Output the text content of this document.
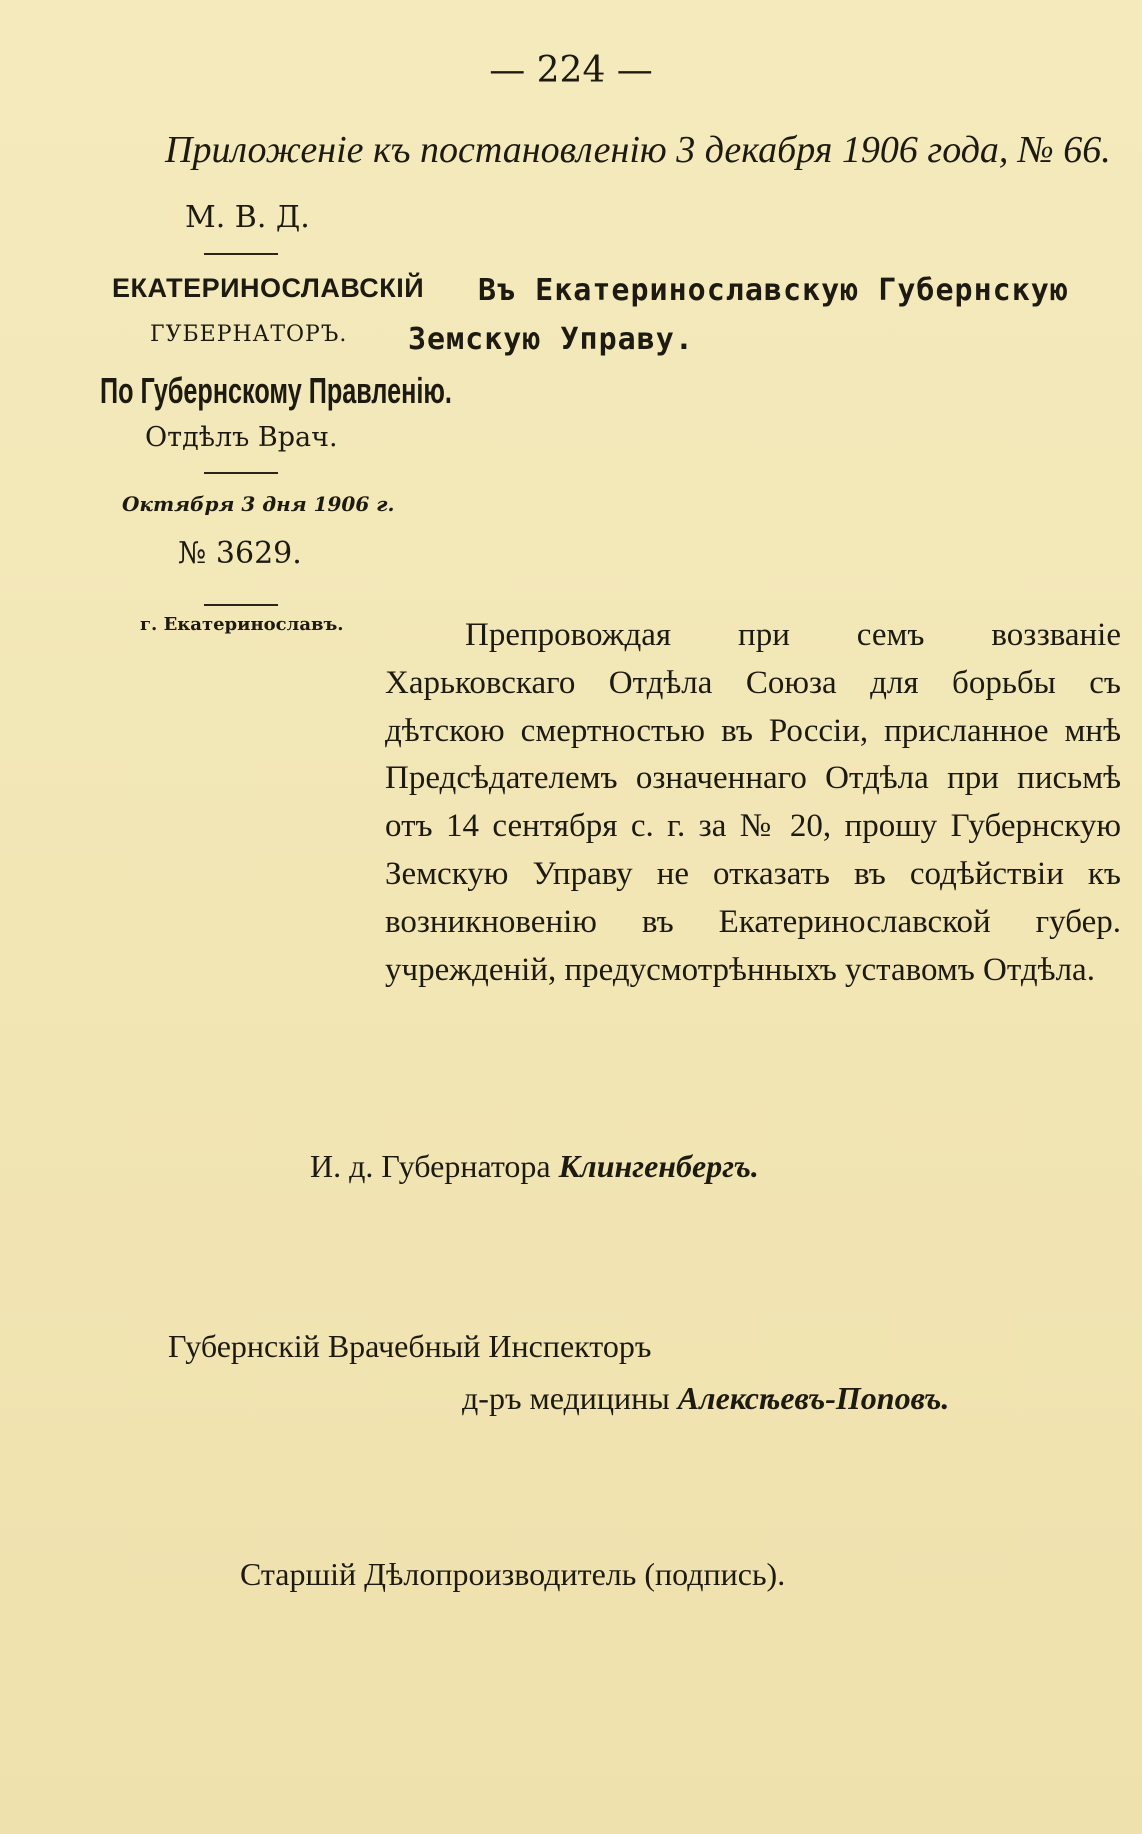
— 224 —
Приложеніе къ постановленію 3 декабря 1906 года, № 66.
М. В. Д.
ЕКАТЕРИНОСЛАВСКІЙ
ГУБЕРНАТОРЪ.
По Губернскому Правленію.
Отдѣлъ Врач.
Октября 3 дня 1906 г.
№ 3629.
г. Екатеринославъ.
Въ Екатеринославскую Губернскую
Земскую Управу.
Препровождая при семъ воззваніе Харьковскаго Отдѣла Союза для борьбы съ дѣтскою смертностью въ Россіи, присланное мнѣ Предсѣдателемъ означеннаго Отдѣла при письмѣ отъ 14 сентября с. г. за № 20, прошу Губернскую Земскую Управу не отказать въ содѣйствіи къ возникновенію въ Екатеринославской губер. учрежденій, предусмотрѣнныхъ уставомъ Отдѣла.
И. д. Губернатора Клингенбергъ.
Губернскій Врачебный Инспекторъ
д-ръ медицины Алексѣевъ-Поповъ.
Старшій Дѣлопроизводитель (подпись).
